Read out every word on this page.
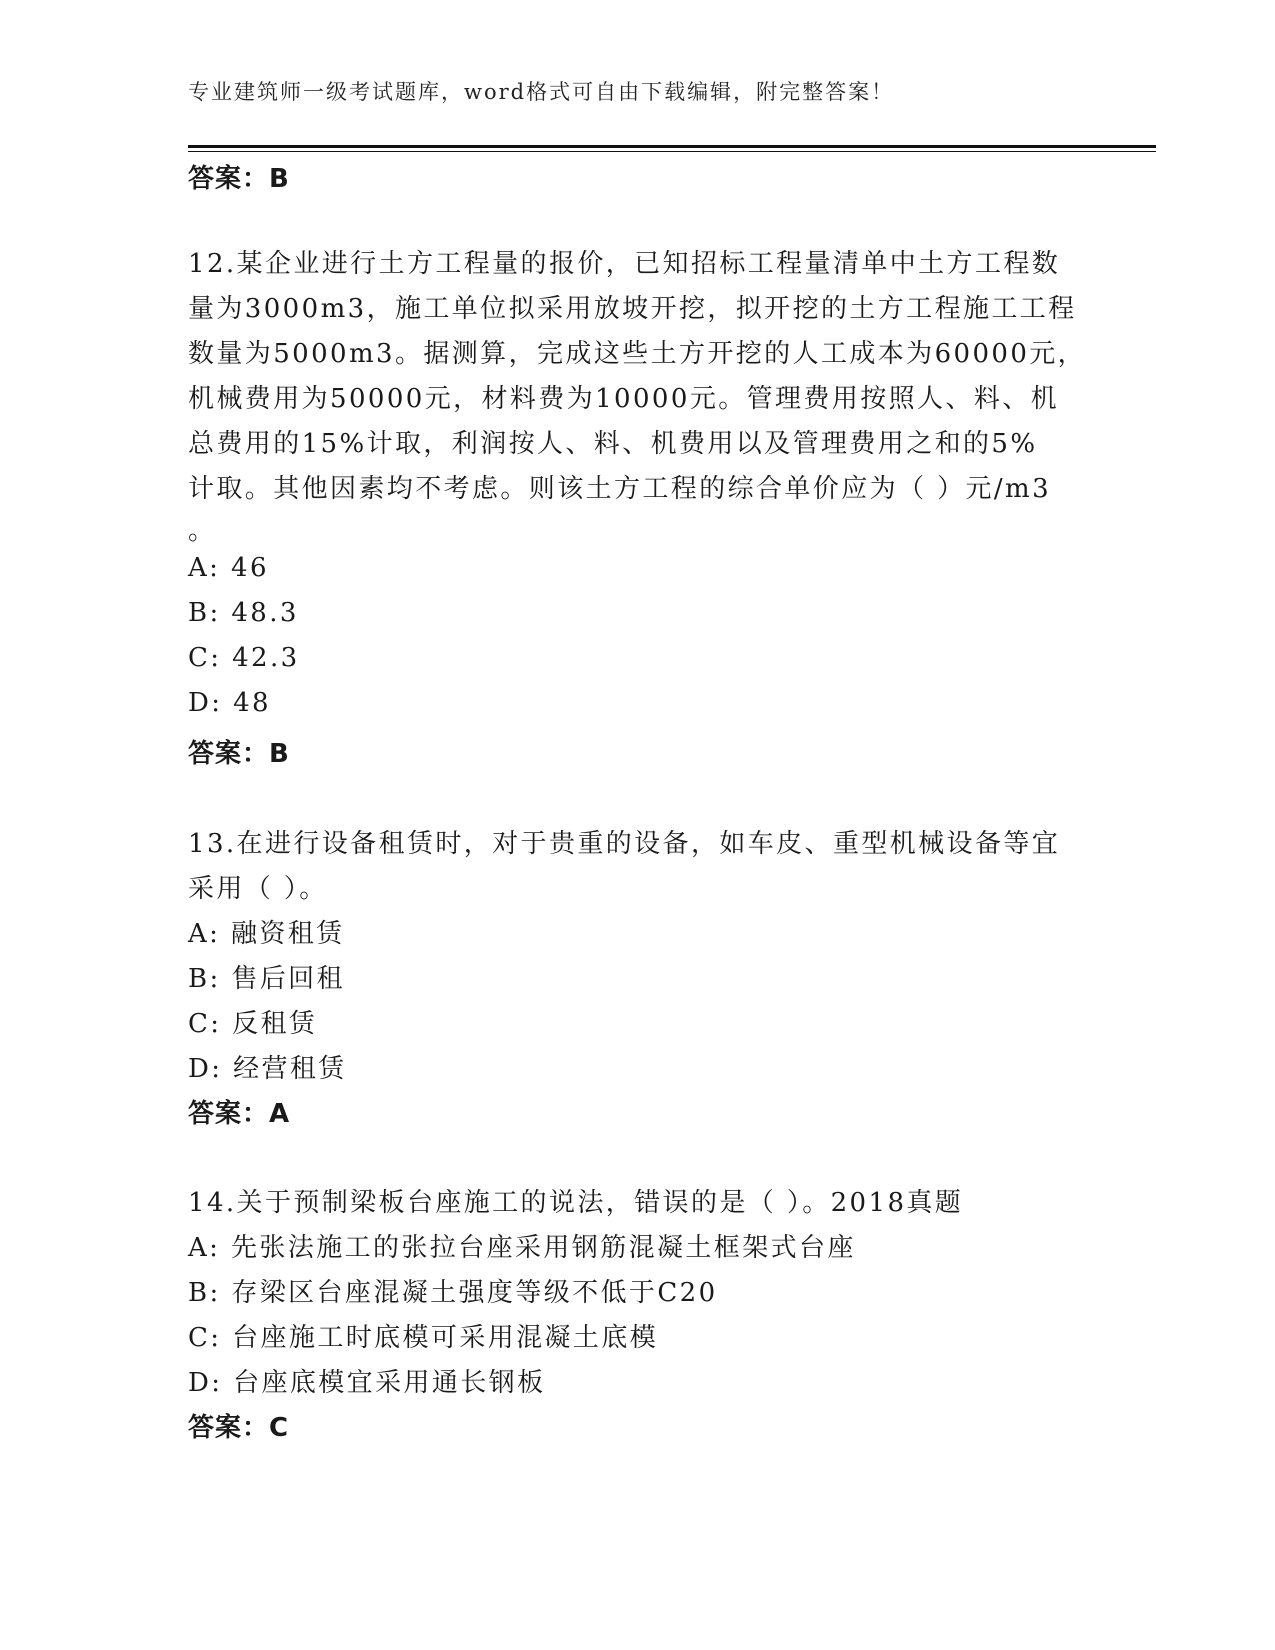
专业建筑师一级考试题库，word格式可自由下载编辑，附完整答案！
答案：B
12.某企业进行土方工程量的报价，已知招标工程量清单中土方工程数
量为3000m3，施工单位拟采用放坡开挖，拟开挖的土方工程施工工程
数量为5000m3。据测算，完成这些土方开挖的人工成本为60000元，
机械费用为50000元，材料费为10000元。管理费用按照人、料、机
总费用的15%计取，利润按人、料、机费用以及管理费用之和的5%
计取。其他因素均不考虑。则该土方工程的综合单价应为（ ）元/m3
。
A: 46
B: 48.3
C: 42.3
D: 48
答案：B
13.在进行设备租赁时，对于贵重的设备，如车皮、重型机械设备等宜
采用（ ）。
A: 融资租赁
B: 售后回租
C: 反租赁
D: 经营租赁
答案：A
14.关于预制梁板台座施工的说法，错误的是（ ）。2018真题
A: 先张法施工的张拉台座采用钢筋混凝土框架式台座
B: 存梁区台座混凝土强度等级不低于C20
C: 台座施工时底模可采用混凝土底模
D: 台座底模宜采用通长钢板
答案：C
